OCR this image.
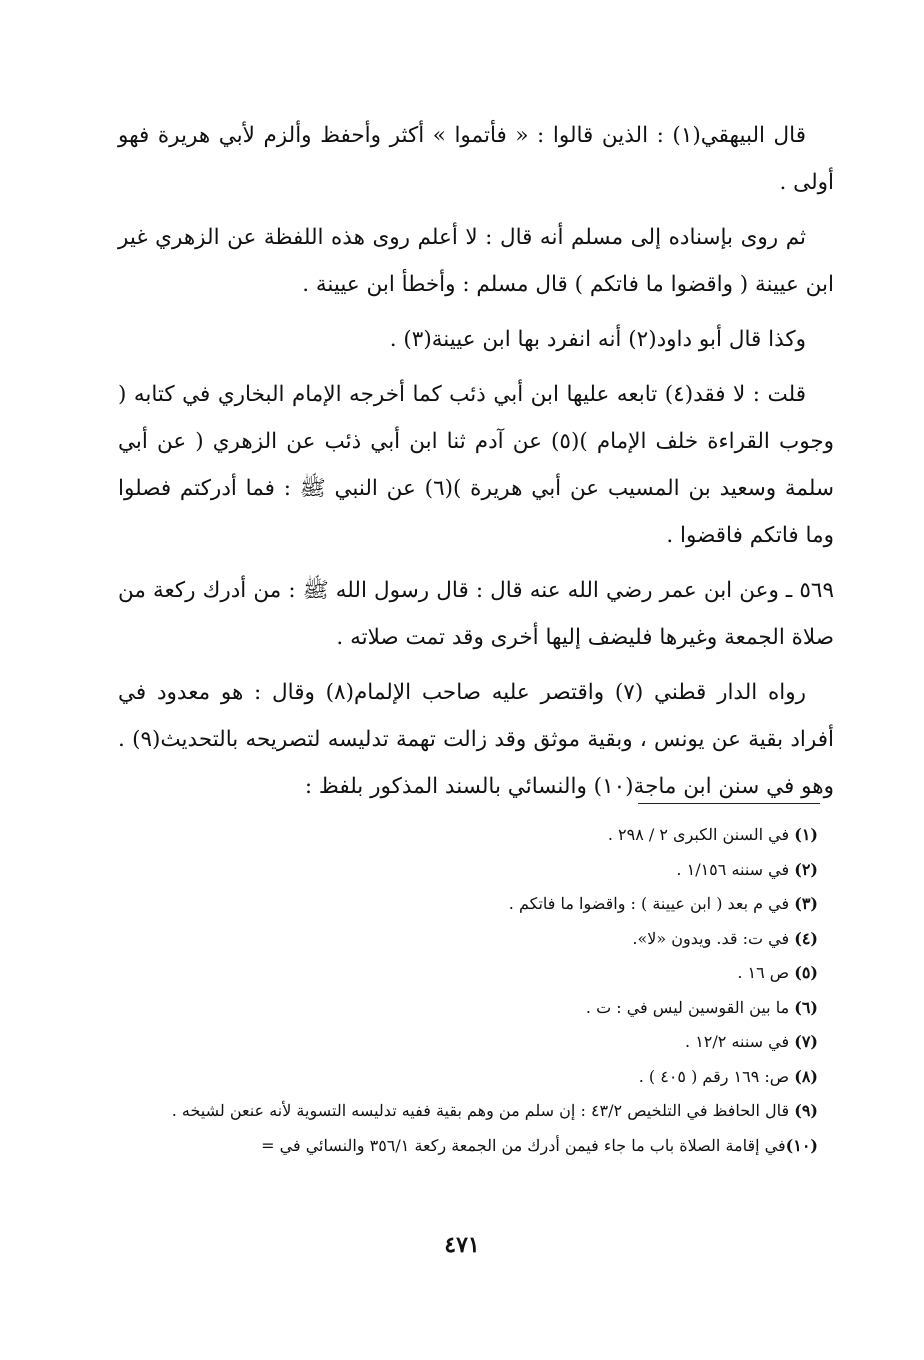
قال البيهقي(١) : الذين قالوا : « فأتموا » أكثر وأحفظ وألزم لأبي هريرة فهو أولى .

ثم روى بإسناده إلى مسلم أنه قال : لا أعلم روى هذه اللفظة عن الزهري غير ابن عيينة ( واقضوا ما فاتكم ) قال مسلم : وأخطأ ابن عيينة .

وكذا قال أبو داود(٢) أنه انفرد بها ابن عيينة(٣) .

قلت : لا فقد(٤) تابعه عليها ابن أبي ذئب كما أخرجه الإمام البخاري في كتابه ( وجوب القراءة خلف الإمام )(٥) عن آدم ثنا ابن أبي ذئب عن الزهري ( عن أبي سلمة وسعيد بن المسيب عن أبي هريرة )(٦) عن النبي ﷺ : فما أدركتم فصلوا وما فاتكم فاقضوا .

٥٦٩ ـ وعن ابن عمر رضي الله عنه قال : قال رسول الله ﷺ : من أدرك ركعة من صلاة الجمعة وغيرها فليضف إليها أخرى وقد تمت صلاته .

رواه الدار قطني (٧) واقتصر عليه صاحب الإلمام(٨) وقال : هو معدود في أفراد بقية عن يونس ، وبقية موثق وقد زالت تهمة تدليسه لتصريحه بالتحديث(٩) . وهو في سنن ابن ماجة(١٠) والنسائي بالسند المذكور بلفظ :

(١) في السنن الكبرى ٢ / ٢٩٨ .

(٢) في سننه ١/١٥٦ .

(٣) في م بعد ( ابن عيينة ) : واقضوا ما فاتكم .

(٤) في ت: قد. ويدون «لا».

(٥) ص ١٦ .

(٦) ما بين القوسين ليس في : ت .

(٧) في سننه ١٢/٢ .

(٨) ص: ١٦٩ رقم ( ٤٠٥ ) .

(٩) قال الحافظ في التلخيص ٤٣/٢ : إن سلم من وهم بقية ففيه تدليسه التسوية لأنه عنعن لشيخه .

(١٠)في إقامة الصلاة باب ما جاء فيمن أدرك من الجمعة ركعة ٣٥٦/١ والنسائي في =

٤٧١
